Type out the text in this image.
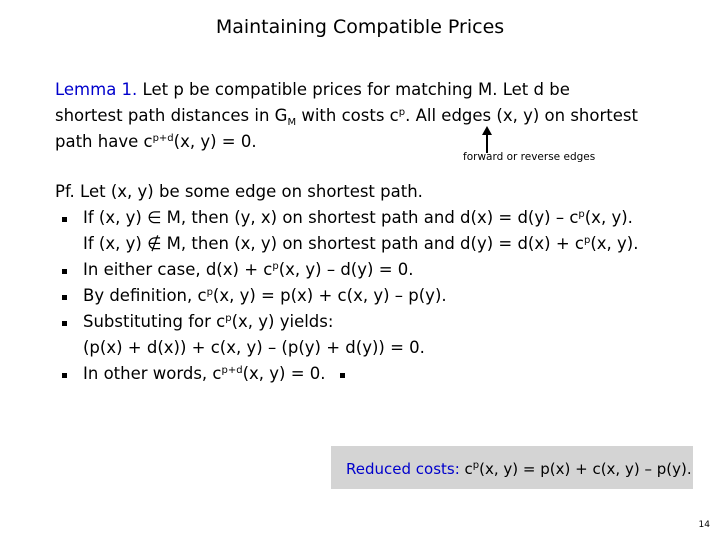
Maintaining Compatible Prices
Lemma 1. Let p be compatible prices for matching M. Let d be
shortest path distances in $G_M$ with costs $c^p$. All edges (x, y) on shortest
path have $c^{p+d}(x$, y) = 0.
forward or reverse edges
Pf. Let (x, y) be some edge on shortest path.
If (x, y) ∈ M, then (y, x) on shortest path and $d(x) = d(y) - c^p(x$, y).
If (x, y) ∉ M, then (x, y) on shortest path and $d(y) = d(x) + c^p(x$, y).
In either case, $d(x) + c^p(x$, y) – d(y) = 0.
By definition, $c^p(x$, y) = p(x) + c(x, y) – p(y).
Substituting for $c^p(x$, y) yields:
(p(x) + d(x)) + c(x, y) – (p(y) + d(y)) = 0.
In other words, $c^{p+d}(x$, y) = 0.
Reduced costs: $c^p(x$, y) = p(x) + c(x, y) – p(y).
14
